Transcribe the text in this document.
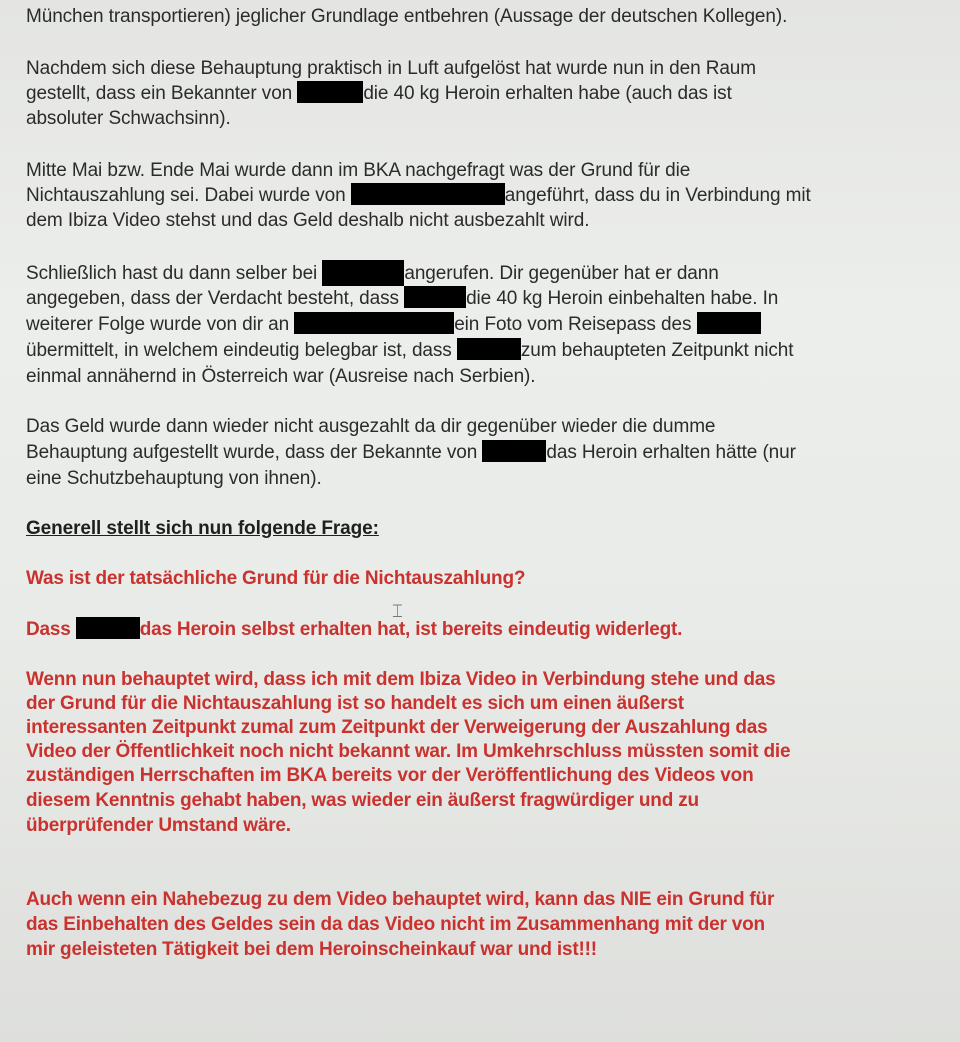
München transportieren) jeglicher Grundlage entbehren (Aussage der deutschen Kollegen).
Nachdem sich diese Behauptung praktisch in Luft aufgelöst hat wurde nun in den Raum
gestellt, dass ein Bekannter von	die 40 kg Heroin erhalten habe (auch das ist
absoluter Schwachsinn).
Mitte Mai bzw. Ende Mai wurde dann im BKA nachgefragt was der Grund für die
Nichtauszahlung sei. Dabei wurde von	angeführt, dass du in Verbindung mit
dem Ibiza Video stehst und das Geld deshalb nicht ausbezahlt wird.
Schließlich hast du dann selber bei	angerufen. Dir gegenüber hat er dann
angegeben, dass der Verdacht besteht, dass	die 40 kg Heroin einbehalten habe. In
weiterer Folge wurde von dir an	ein Foto vom Reisepass des
übermittelt, in welchem eindeutig belegbar ist, dass	zum behaupteten Zeitpunkt nicht
einmal annähernd in Österreich war (Ausreise nach Serbien).
Das Geld wurde dann wieder nicht ausgezahlt da dir gegenüber wieder die dumme
Behauptung aufgestellt wurde, dass der Bekannte von	das Heroin erhalten hätte (nur
eine Schutzbehauptung von ihnen).
Generell stellt sich nun folgende Frage:
Was ist der tatsächliche Grund für die Nichtauszahlung?
Dass	das Heroin selbst erhalten hat, ist bereits eindeutig widerlegt.
Wenn nun behauptet wird, dass ich mit dem Ibiza Video in Verbindung stehe und das
der Grund für die Nichtauszahlung ist so handelt es sich um einen äußerst
interessanten Zeitpunkt zumal zum Zeitpunkt der Verweigerung der Auszahlung das
Video der Öffentlichkeit noch nicht bekannt war. Im Umkehrschluss müssten somit die
zuständigen Herrschaften im BKA bereits vor der Veröffentlichung des Videos von
diesem Kenntnis gehabt haben, was wieder ein äußerst fragwürdiger und zu
überprüfender Umstand wäre.
Auch wenn ein Nahebezug zu dem Video behauptet wird, kann das NIE ein Grund für
das Einbehalten des Geldes sein da das Video nicht im Zusammenhang mit der von
mir geleisteten Tätigkeit bei dem Heroinscheinkauf war und ist!!!
⌶
